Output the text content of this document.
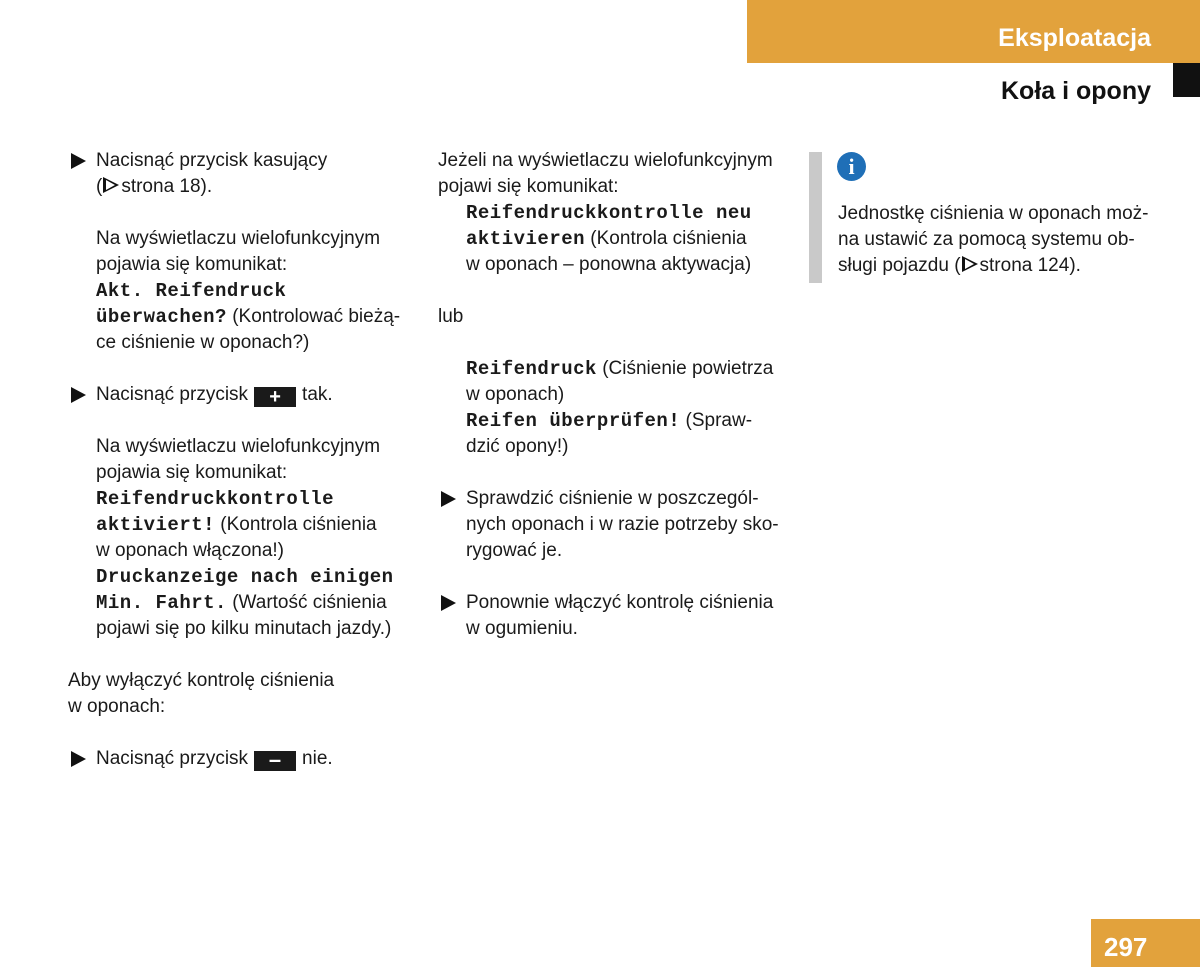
Eksploatacja
Koła i opony
Nacisnąć przycisk kasujący
( strona 18).
Na wyświetlaczu wielofunkcyjnym
pojawia się komunikat:
Akt. Reifendruck
überwachen? (Kontrolować bieżą-
ce ciśnienie w oponach?)
Nacisnąć przycisk + tak.
Na wyświetlaczu wielofunkcyjnym
pojawia się komunikat:
Reifendruckkontrolle
aktiviert! (Kontrola ciśnienia
w oponach włączona!)
Druckanzeige nach einigen
Min. Fahrt. (Wartość ciśnienia
pojawi się po kilku minutach jazdy.)
Aby wyłączyć kontrolę ciśnienia
w oponach:
Nacisnąć przycisk – nie.
Jeżeli na wyświetlaczu wielofunkcyjnym
pojawi się komunikat:
Reifendruckkontrolle neu
aktivieren (Kontrola ciśnienia
w oponach – ponowna aktywacja)
lub
Reifendruck (Ciśnienie powietrza
w oponach)
Reifen überprüfen! (Spraw-
dzić opony!)
Sprawdzić ciśnienie w poszczegól-
nych oponach i w razie potrzeby sko-
rygować je.
Ponownie włączyć kontrolę ciśnienia
w ogumieniu.
i
Jednostkę ciśnienia w oponach moż-
na ustawić za pomocą systemu ob-
sługi pojazdu ( strona 124).
297
